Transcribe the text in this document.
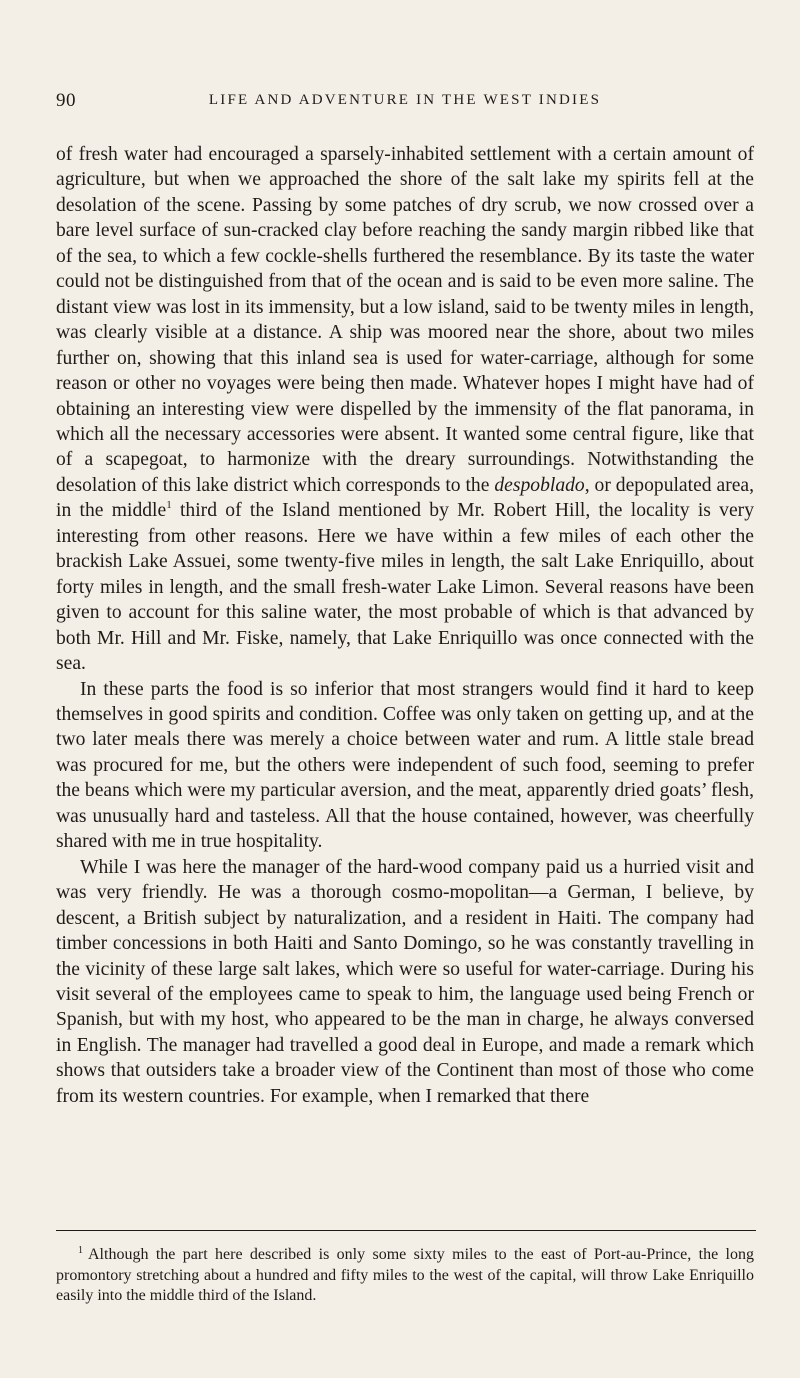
90	LIFE AND ADVENTURE IN THE WEST INDIES

of fresh water had encouraged a sparsely-inhabited settlement with a certain amount of agriculture, but when we approached the shore of the salt lake my spirits fell at the desolation of the scene. Passing by some patches of dry scrub, we now crossed over a bare level surface of sun-cracked clay before reaching the sandy margin ribbed like that of the sea, to which a few cockle-shells furthered the resemblance. By its taste the water could not be distinguished from that of the ocean and is said to be even more saline. The distant view was lost in its immensity, but a low island, said to be twenty miles in length, was clearly visible at a distance. A ship was moored near the shore, about two miles further on, showing that this inland sea is used for water-carriage, although for some reason or other no voyages were being then made. Whatever hopes I might have had of obtaining an interesting view were dispelled by the immensity of the flat panorama, in which all the necessary accessories were absent. It wanted some central figure, like that of a scapegoat, to harmonize with the dreary surroundings. Notwithstanding the desolation of this lake district which corresponds to the despoblado, or depopulated area, in the middle$^1$ third of the Island mentioned by Mr. Robert Hill, the locality is very interesting from other reasons. Here we have within a few miles of each other the brackish Lake Assuei, some twenty-five miles in length, the salt Lake Enriquillo, about forty miles in length, and the small fresh-water Lake Limon. Several reasons have been given to account for this saline water, the most probable of which is that advanced by both Mr. Hill and Mr. Fiske, namely, that Lake Enriquillo was once connected with the sea.

In these parts the food is so inferior that most strangers would find it hard to keep themselves in good spirits and condition. Coffee was only taken on getting up, and at the two later meals there was merely a choice between water and rum. A little stale bread was procured for me, but the others were independent of such food, seeming to prefer the beans which were my particular aversion, and the meat, apparently dried goats’ flesh, was unusually hard and tasteless. All that the house contained, however, was cheerfully shared with me in true hospitality.

While I was here the manager of the hard-wood company paid us a hurried visit and was very friendly. He was a thorough cosmo-mopolitan—a German, I believe, by descent, a British subject by naturalization, and a resident in Haiti. The company had timber concessions in both Haiti and Santo Domingo, so he was constantly travelling in the vicinity of these large salt lakes, which were so useful for water-carriage. During his visit several of the employees came to speak to him, the language used being French or Spanish, but with my host, who appeared to be the man in charge, he always conversed in English. The manager had travelled a good deal in Europe, and made a remark which shows that outsiders take a broader view of the Continent than most of those who come from its western countries. For example, when I remarked that there

$^1$ Although the part here described is only some sixty miles to the east of Port-au-Prince, the long promontory stretching about a hundred and fifty miles to the west of the capital, will throw Lake Enriquillo easily into the middle third of the Island.
